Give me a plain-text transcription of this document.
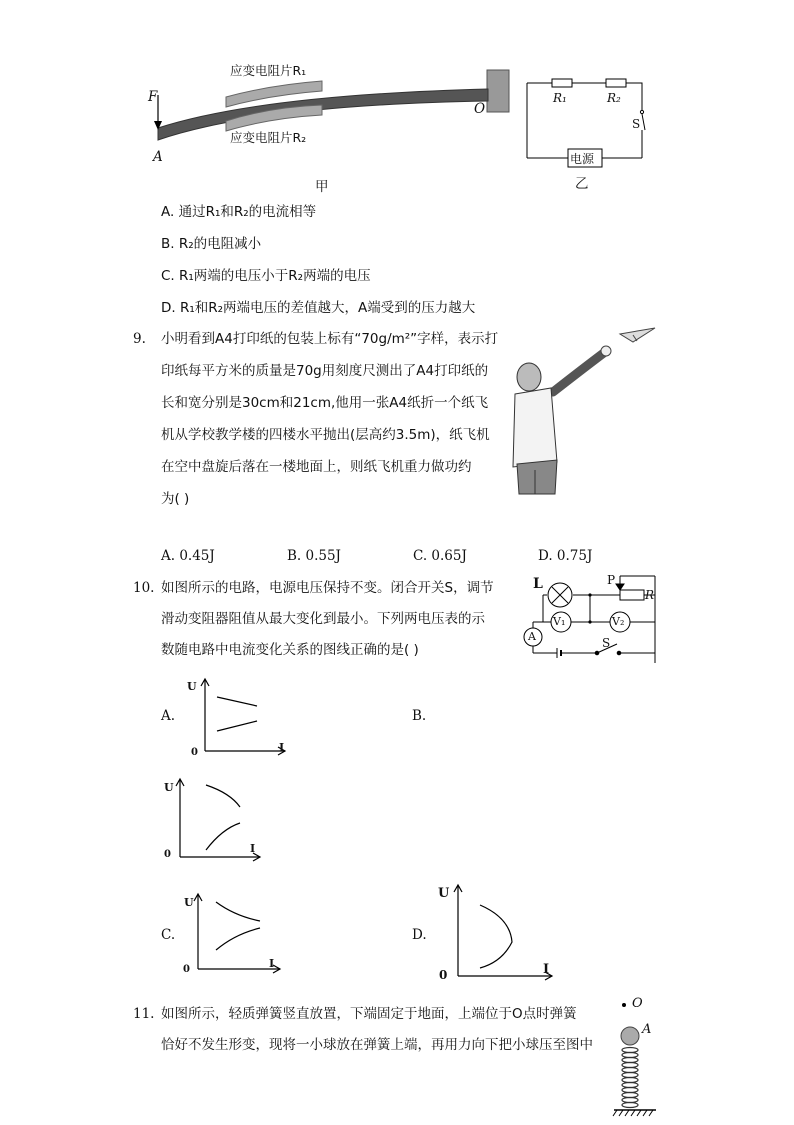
F
A
O
应变电阻片R₁
应变电阻片R₂
甲
R₁	R₂
S
电源
乙
A. 通过R₁和R₂的电流相等
B. R₂的电阻减小
C. R₁两端的电压小于R₂两端的电压
D. R₁和R₂两端电压的差值越大，A端受到的压力越大
9. 小明看到A4打印纸的包装上标有“70g/m²”字样，表示打
印纸每平方米的质量是70g用刻度尺测出了A4打印纸的
长和宽分别是30cm和21cm,他用一张A4纸折一个纸飞
机从学校教学楼的四楼水平抛出(层高约3.5m)，纸飞机
在空中盘旋后落在一楼地面上，则纸飞机重力做功约
为( )
A. 0.45J	B. 0.55J	C. 0.65J	D. 0.75J
10. 如图所示的电路，电源电压保持不变。闭合开关S，调节
滑动变阻器阻值从最大变化到最小。下列两电压表的示
数随电路中电流变化关系的图线正确的是( )
L	P
R
V₁	V₂
A	S
A.
U
I
0
B.
U
I
0
C.
U
I
0
D.
U
I
0
11. 如图所示，轻质弹簧竖直放置，下端固定于地面，上端位于O点时弹簧
恰好不发生形变，现将一小球放在弹簧上端，再用力向下把小球压至图中
O
A
